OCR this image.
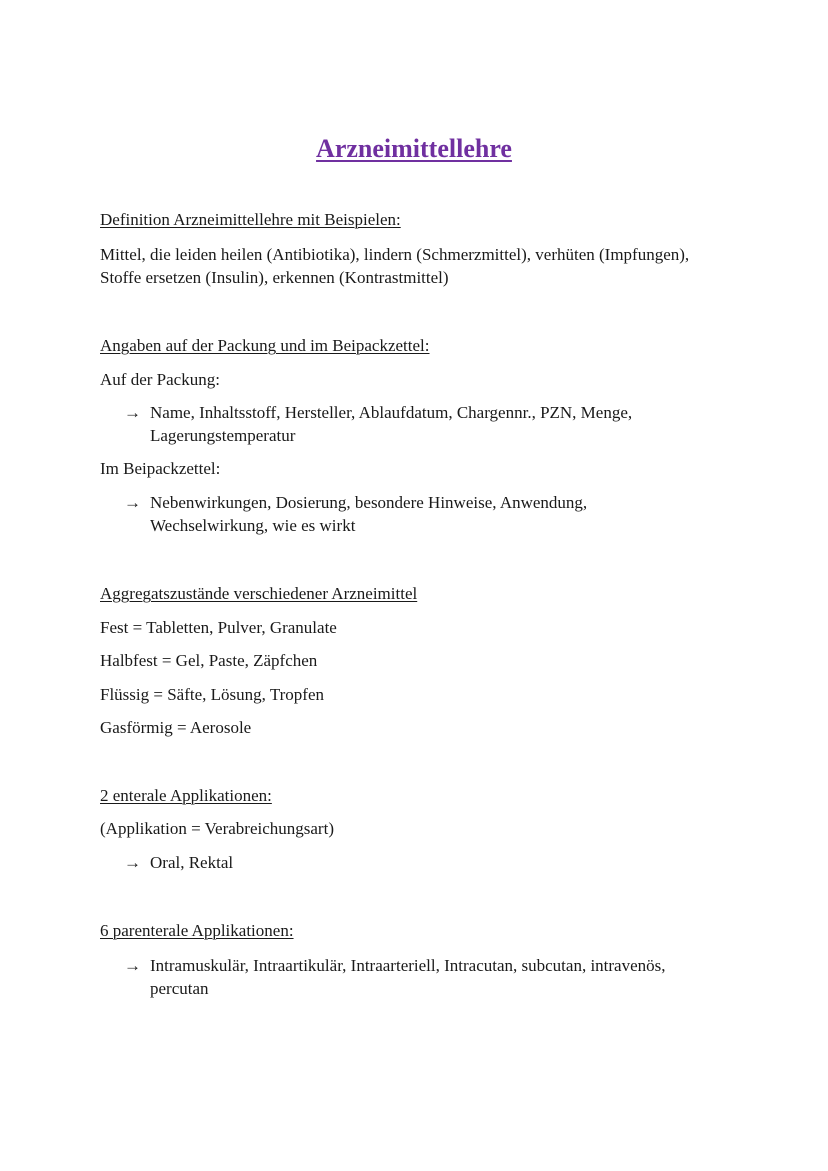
Arzneimittellehre
Definition Arzneimittellehre mit Beispielen:
Mittel, die leiden heilen (Antibiotika), lindern (Schmerzmittel), verhüten (Impfungen),
Stoffe ersetzen (Insulin), erkennen (Kontrastmittel)
Angaben auf der Packung und im Beipackzettel:
Auf der Packung:
→ Name, Inhaltsstoff, Hersteller, Ablaufdatum, Chargennr., PZN, Menge,
Lagerungstemperatur
Im Beipackzettel:
→ Nebenwirkungen, Dosierung, besondere Hinweise, Anwendung,
Wechselwirkung, wie es wirkt
Aggregatszustände verschiedener Arzneimittel
Fest = Tabletten, Pulver, Granulate
Halbfest = Gel, Paste, Zäpfchen
Flüssig = Säfte, Lösung, Tropfen
Gasförmig = Aerosole
2 enterale Applikationen:
(Applikation = Verabreichungsart)
→ Oral, Rektal
6 parenterale Applikationen:
→ Intramuskulär, Intraartikulär, Intraarteriell, Intracutan, subcutan, intravenös,
percutan
